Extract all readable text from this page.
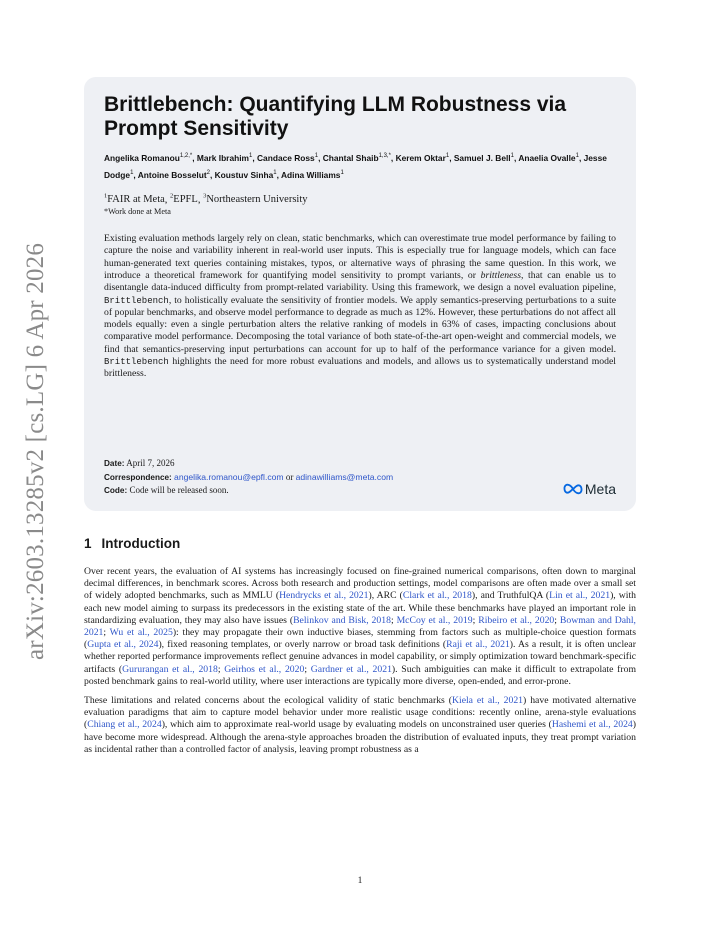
arXiv:2603.13285v2 [cs.LG] 6 Apr 2026
Brittlebench: Quantifying LLM Robustness via Prompt Sensitivity
Angelika Romanou$^{1,2,*}$, Mark Ibrahim$^1$, Candace Ross$^1$, Chantal Shaib$^{1,3,*}$, Kerem Oktar$^1$, Samuel J. Bell$^1$, Anaelia Ovalle$^1$, Jesse Dodge$^1$, Antoine Bosselut$^2$, Koustuv Sinha$^1$, Adina Williams$^1$
$^1$FAIR at Meta, $^2$EPFL, $^3$Northeastern University
*Work done at Meta
Existing evaluation methods largely rely on clean, static benchmarks, which can overestimate true model performance by failing to capture the noise and variability inherent in real-world user inputs. This is especially true for language models, which can face human-generated text queries containing mistakes, typos, or alternative ways of phrasing the same question. In this work, we introduce a theoretical framework for quantifying model sensitivity to prompt variants, or brittleness, that can enable us to disentangle data-induced difficulty from prompt-related variability. Using this framework, we design a novel evaluation pipeline, Brittlebench, to holistically evaluate the sensitivity of frontier models. We apply semantics-preserving perturbations to a suite of popular benchmarks, and observe model performance to degrade as much as 12%. However, these perturbations do not affect all models equally: even a single perturbation alters the relative ranking of models in 63% of cases, impacting conclusions about comparative model performance. Decomposing the total variance of both state-of-the-art open-weight and commercial models, we find that semantics-preserving input perturbations can account for up to half of the performance variance for a given model. Brittlebench highlights the need for more robust evaluations and models, and allows us to systematically understand model brittleness.
Date: April 7, 2026
Correspondence: angelika.romanou@epfl.com or adinawilliams@meta.com
Code: Code will be released soon.	Meta
1 Introduction

Over recent years, the evaluation of AI systems has increasingly focused on fine-grained numerical comparisons, often down to marginal decimal differences, in benchmark scores. Across both research and production settings, model comparisons are often made over a small set of widely adopted benchmarks, such as MMLU (Hendrycks et al., 2021), ARC (Clark et al., 2018), and TruthfulQA (Lin et al., 2021), with each new model aiming to surpass its predecessors in the existing state of the art. While these benchmarks have played an important role in standardizing evaluation, they may also have issues (Belinkov and Bisk, 2018; McCoy et al., 2019; Ribeiro et al., 2020; Bowman and Dahl, 2021; Wu et al., 2025): they may propagate their own inductive biases, stemming from factors such as multiple-choice question formats (Gupta et al., 2024), fixed reasoning templates, or overly narrow or broad task definitions (Raji et al., 2021). As a result, it is often unclear whether reported performance improvements reflect genuine advances in model capability, or simply optimization toward benchmark-specific artifacts (Gururangan et al., 2018; Geirhos et al., 2020; Gardner et al., 2021). Such ambiguities can make it difficult to extrapolate from posted benchmark gains to real-world utility, where user interactions are typically more diverse, open-ended, and error-prone.

These limitations and related concerns about the ecological validity of static benchmarks (Kiela et al., 2021) have motivated alternative evaluation paradigms that aim to capture model behavior under more realistic usage conditions: recently online, arena-style evaluations (Chiang et al., 2024), which aim to approximate real-world usage by evaluating models on unconstrained user queries (Hashemi et al., 2024) have become more widespread. Although the arena-style approaches broaden the distribution of evaluated inputs, they treat prompt variation as incidental rather than a controlled factor of analysis, leaving prompt robustness as a

1
